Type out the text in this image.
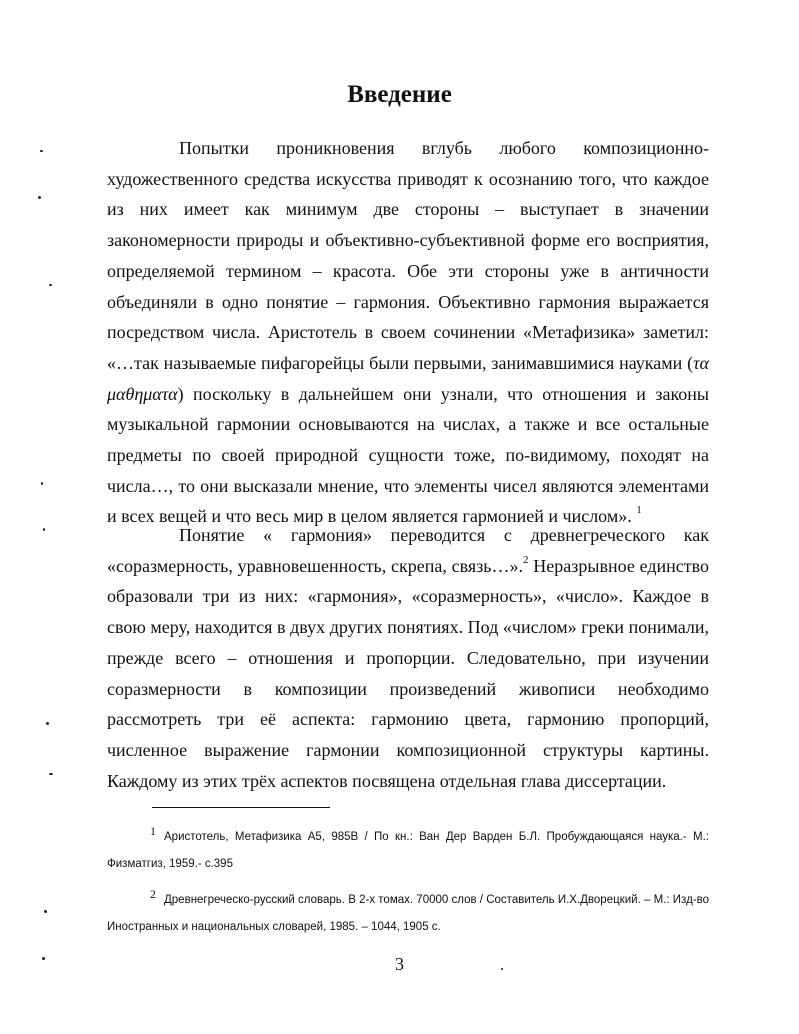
Введение

Попытки проникновения вглубь любого композиционно-художественного средства искусства приводят к осознанию того, что каждое из них имеет как минимум две стороны – выступает в значении закономерности природы и объективно-субъективной форме его восприятия, определяемой термином – красота. Обе эти стороны уже в античности объединяли в одно понятие – гармония. Объективно гармония выражается посредством числа. Аристотель в своем сочинении «Метафизика» заметил: «…так называемые пифагорейцы были первыми, занимавшимися науками (τα μαθηματα) поскольку в дальнейшем они узнали, что отношения и законы музыкальной гармонии основываются на числах, а также и все остальные предметы по своей природной сущности тоже, по-видимому, походят на числа…, то они высказали мнение, что элементы чисел являются элементами и всех вещей и что весь мир в целом является гармонией и числом». $^1$

Понятие « гармония» переводится с древнегреческого как «соразмерность, уравновешенность, скрепа, связь…».$^2$ Неразрывное единство образовали три из них: «гармония», «соразмерность», «число». Каждое в свою меру, находится в двух других понятиях. Под «числом» греки понимали, прежде всего – отношения и пропорции. Следовательно, при изучении соразмерности в композиции произведений живописи необходимо рассмотреть три её аспекта: гармонию цвета, гармонию пропорций, численное выражение гармонии композиционной структуры картины. Каждому из этих трёх аспектов посвящена отдельная глава диссертации.

1 Аристотель, Метафизика А5, 985В / По кн.: Ван Дер Варден Б.Л. Пробуждающаяся наука.- М.: Физматгиз, 1959.- с.395

2 Древнегреческо-русский словарь. В 2-х томах. 70000 слов / Составитель И.Х.Дворецкий. – М.: Изд-во Иностранных и национальных словарей, 1985. – 1044, 1905 с.

3
